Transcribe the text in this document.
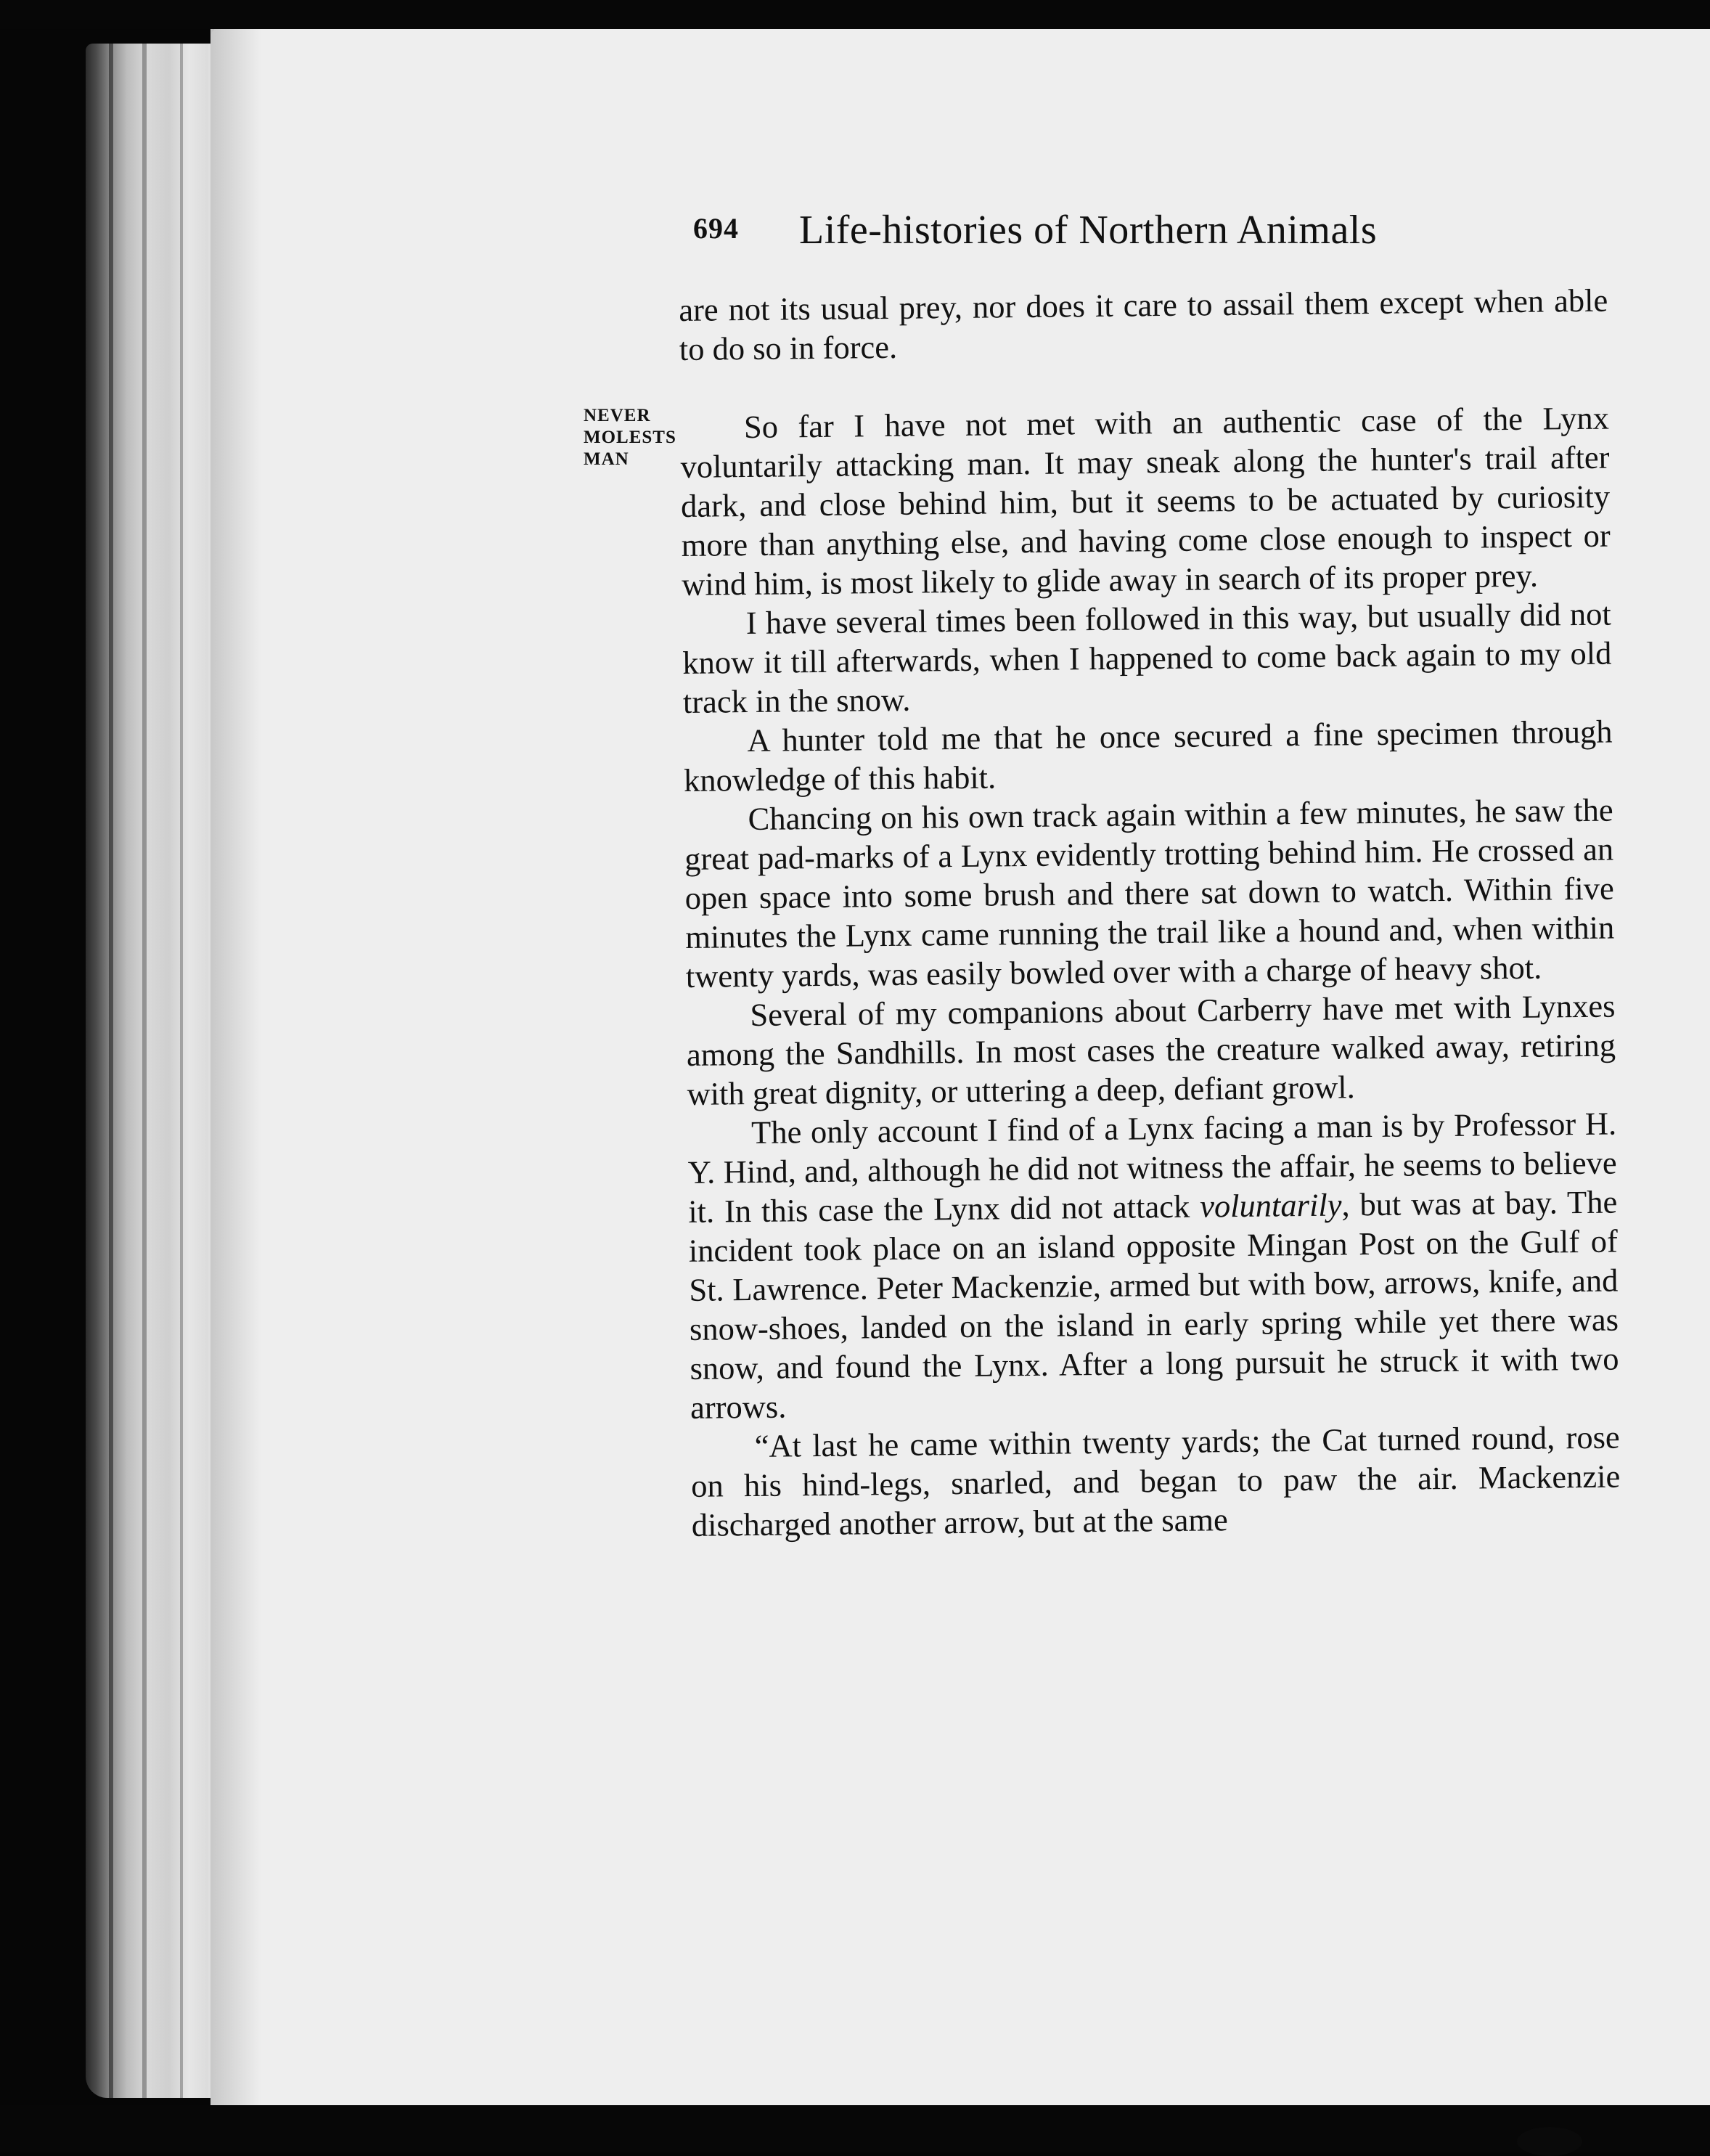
694 Life-histories of Northern Animals
NEVER
MOLESTS
MAN

are not its usual prey, nor does it care to assail them except when able to do so in force.

So far I have not met with an authentic case of the Lynx voluntarily attacking man. It may sneak along the hunter's trail after dark, and close behind him, but it seems to be actuated by curiosity more than anything else, and having come close enough to inspect or wind him, is most likely to glide away in search of its proper prey.

I have several times been followed in this way, but usually did not know it till afterwards, when I happened to come back again to my old track in the snow.

A hunter told me that he once secured a fine specimen through knowledge of this habit.

Chancing on his own track again within a few minutes, he saw the great pad-marks of a Lynx evidently trotting behind him. He crossed an open space into some brush and there sat down to watch. Within five minutes the Lynx came running the trail like a hound and, when within twenty yards, was easily bowled over with a charge of heavy shot.

Several of my companions about Carberry have met with Lynxes among the Sandhills. In most cases the creature walked away, retiring with great dignity, or uttering a deep, defiant growl.

The only account I find of a Lynx facing a man is by Professor H. Y. Hind, and, although he did not witness the affair, he seems to believe it. In this case the Lynx did not attack voluntarily, but was at bay. The incident took place on an island opposite Mingan Post on the Gulf of St. Lawrence. Peter Mackenzie, armed but with bow, arrows, knife, and snow-shoes, landed on the island in early spring while yet there was snow, and found the Lynx. After a long pursuit he struck it with two arrows.

“At last he came within twenty yards; the Cat turned round, rose on his hind-legs, snarled, and began to paw the air. Mackenzie discharged another arrow, but at the same
